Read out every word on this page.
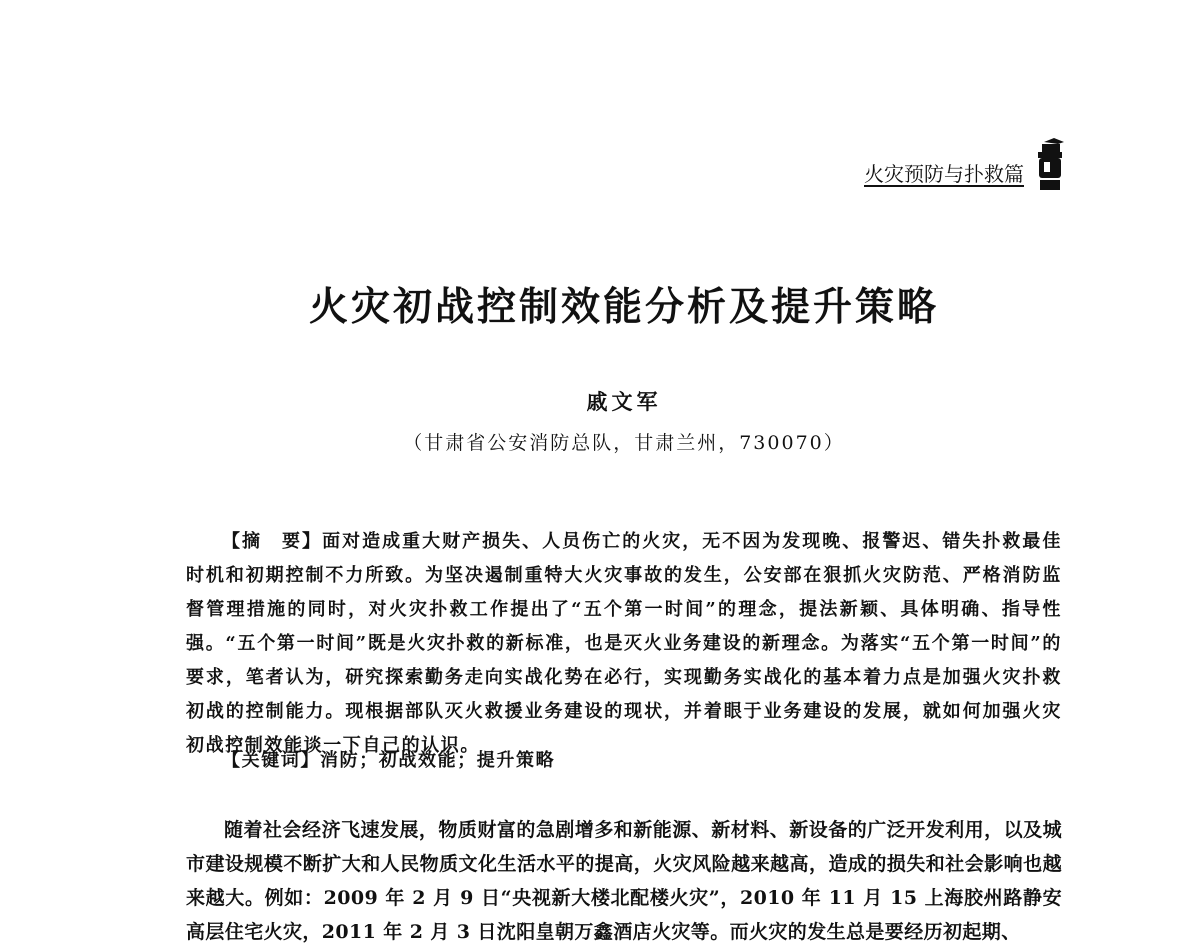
火灾预防与扑救篇
火灾初战控制效能分析及提升策略
戚文军
（甘肃省公安消防总队，甘肃兰州，730070）
【摘　要】面对造成重大财产损失、人员伤亡的火灾，无不因为发现晚、报警迟、错失扑救最佳时机和初期控制不力所致。为坚决遏制重特大火灾事故的发生，公安部在狠抓火灾防范、严格消防监督管理措施的同时，对火灾扑救工作提出了“五个第一时间”的理念，提法新颖、具体明确、指导性强。“五个第一时间”既是火灾扑救的新标准，也是灭火业务建设的新理念。为落实“五个第一时间”的要求，笔者认为，研究探索勤务走向实战化势在必行，实现勤务实战化的基本着力点是加强火灾扑救初战的控制能力。现根据部队灭火救援业务建设的现状，并着眼于业务建设的发展，就如何加强火灾初战控制效能谈一下自己的认识。
【关键词】消防；初战效能；提升策略
随着社会经济飞速发展，物质财富的急剧增多和新能源、新材料、新设备的广泛开发利用，以及城市建设规模不断扩大和人民物质文化生活水平的提高，火灾风险越来越高，造成的损失和社会影响也越来越大。例如：2009 年 2 月 9 日“央视新大楼北配楼火灾”，2010 年 11 月 15 上海胶州路静安高层住宅火灾，2011 年 2 月 3 日沈阳皇朝万鑫酒店火灾等。而火灾的发生总是要经历初起期、
